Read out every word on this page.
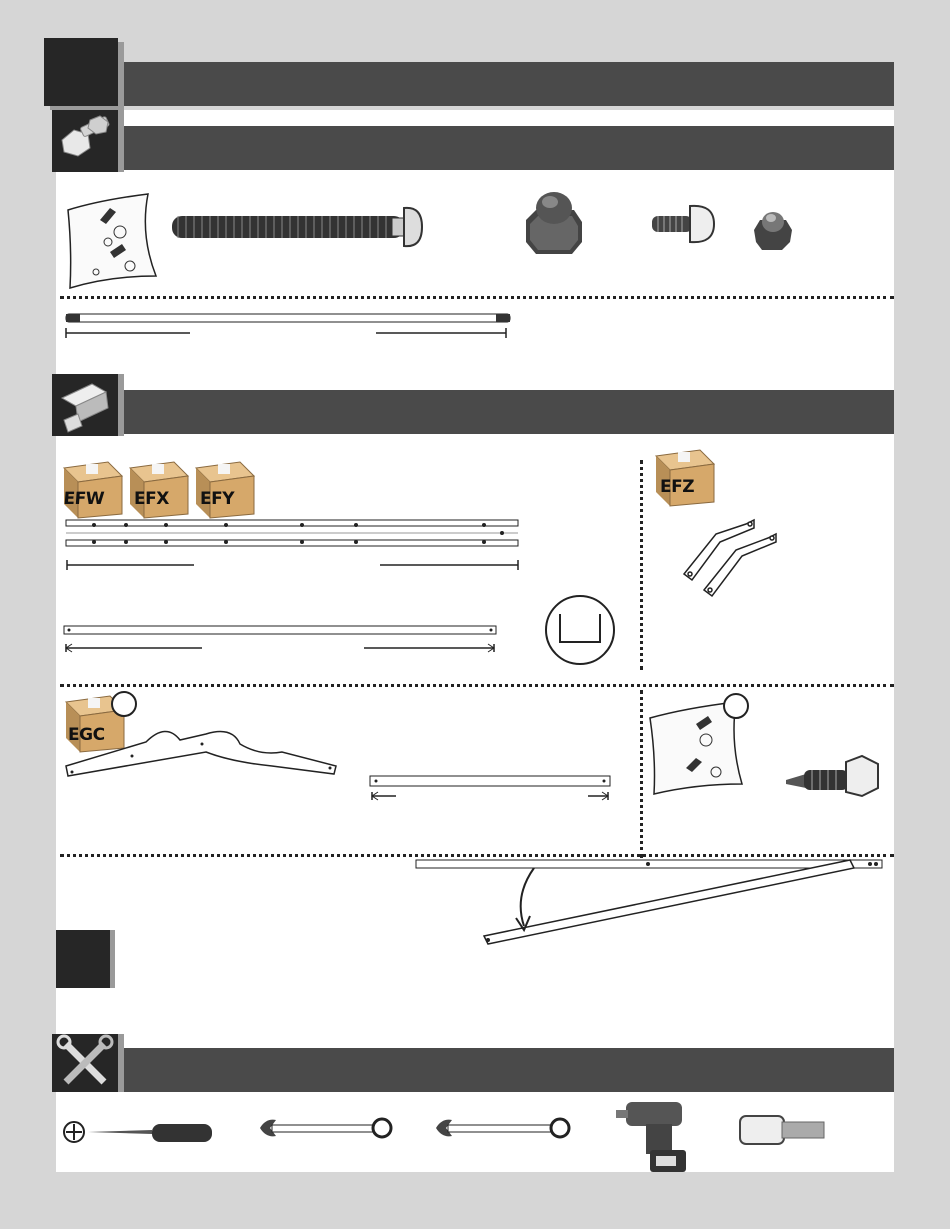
EFW EFX EFY
EFZ
EGC
